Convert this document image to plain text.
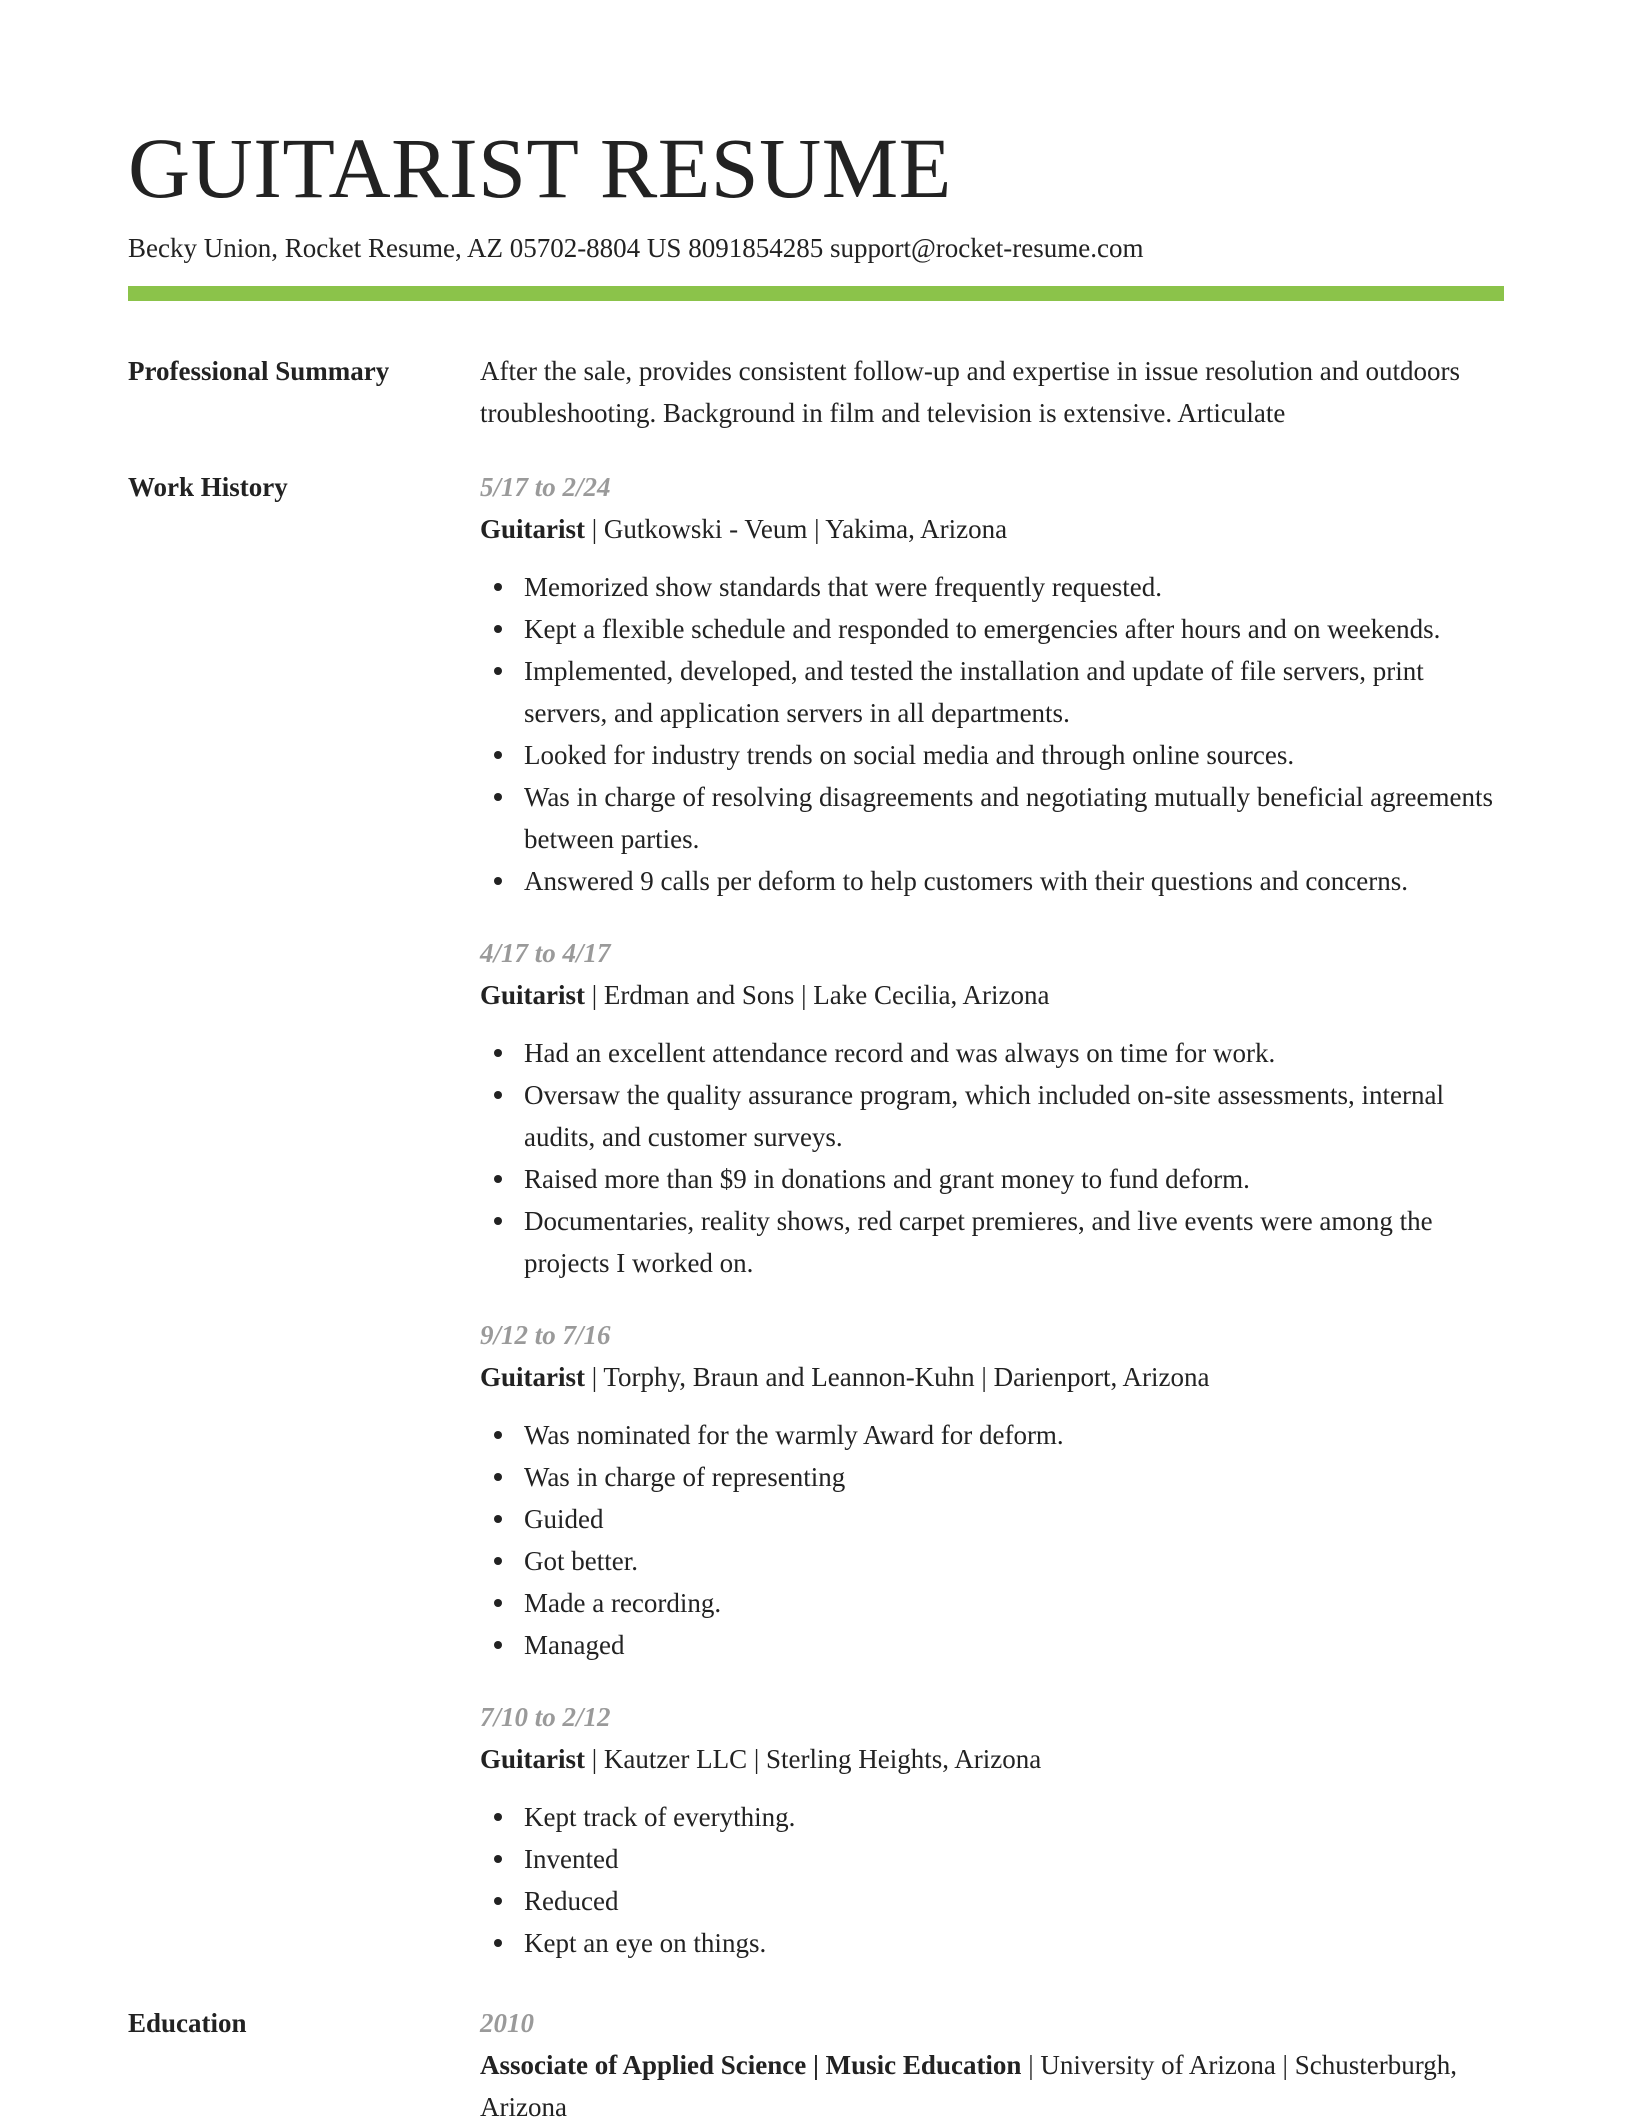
GUITARIST RESUME
Becky Union, Rocket Resume, AZ 05702-8804 US 8091854285 support@rocket-resume.com
Professional Summary	After the sale, provides consistent follow-up and expertise in issue resolution and outdoors troubleshooting. Background in film and television is extensive. Articulate

Work History	5/17 to 2/24
Guitarist | Gutkowski - Veum | Yakima, Arizona
Memorized show standards that were frequently requested.
Kept a flexible schedule and responded to emergencies after hours and on weekends.
Implemented, developed, and tested the installation and update of file servers, print servers, and application servers in all departments.
Looked for industry trends on social media and through online sources.
Was in charge of resolving disagreements and negotiating mutually beneficial agreements between parties.
Answered 9 calls per deform to help customers with their questions and concerns.
4/17 to 4/17
Guitarist | Erdman and Sons | Lake Cecilia, Arizona
Had an excellent attendance record and was always on time for work.
Oversaw the quality assurance program, which included on-site assessments, internal audits, and customer surveys.
Raised more than $9 in donations and grant money to fund deform.
Documentaries, reality shows, red carpet premieres, and live events were among the projects I worked on.
9/12 to 7/16
Guitarist | Torphy, Braun and Leannon-Kuhn | Darienport, Arizona
Was nominated for the warmly Award for deform.
Was in charge of representing
Guided
Got better.
Made a recording.
Managed
7/10 to 2/12
Guitarist | Kautzer LLC | Sterling Heights, Arizona
Kept track of everything.
Invented
Reduced
Kept an eye on things.
Education	2010
Associate of Applied Science | Music Education | University of Arizona | Schusterburgh, Arizona
